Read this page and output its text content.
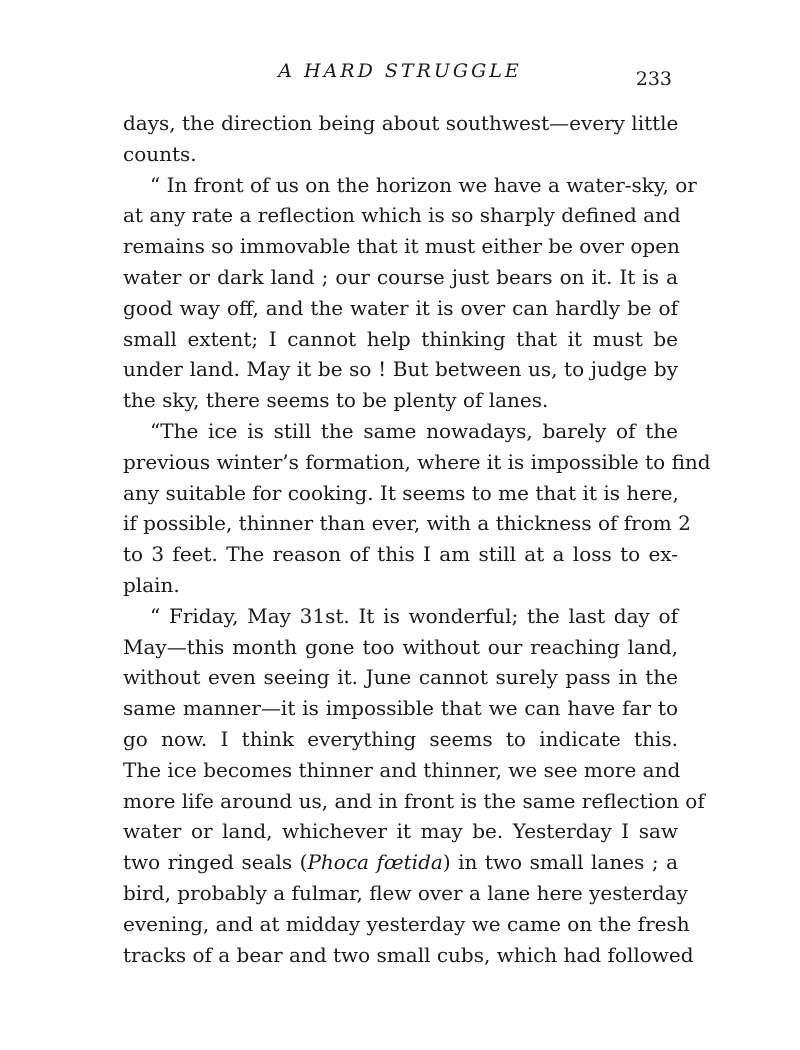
A HARD STRUGGLE	233
days, the direction being about southwest—every little
counts.
“ In front of us on the horizon we have a water-sky, or
at any rate a reflection which is so sharply defined and
remains so immovable that it must either be over open
water or dark land ; our course just bears on it. It is a
good way off, and the water it is over can hardly be of
small extent; I cannot help thinking that it must be
under land. May it be so ! But between us, to judge by
the sky, there seems to be plenty of lanes.
“The ice is still the same nowadays, barely of the
previous winter’s formation, where it is impossible to find
any suitable for cooking. It seems to me that it is here,
if possible, thinner than ever, with a thickness of from 2
to 3 feet. The reason of this I am still at a loss to ex-
plain.
“ Friday, May 31st. It is wonderful; the last day of
May—this month gone too without our reaching land,
without even seeing it. June cannot surely pass in the
same manner—it is impossible that we can have far to
go now. I think everything seems to indicate this.
The ice becomes thinner and thinner, we see more and
more life around us, and in front is the same reflection of
water or land, whichever it may be. Yesterday I saw
two ringed seals (Phoca fœtida) in two small lanes ; a
bird, probably a fulmar, flew over a lane here yesterday
evening, and at midday yesterday we came on the fresh
tracks of a bear and two small cubs, which had followed
